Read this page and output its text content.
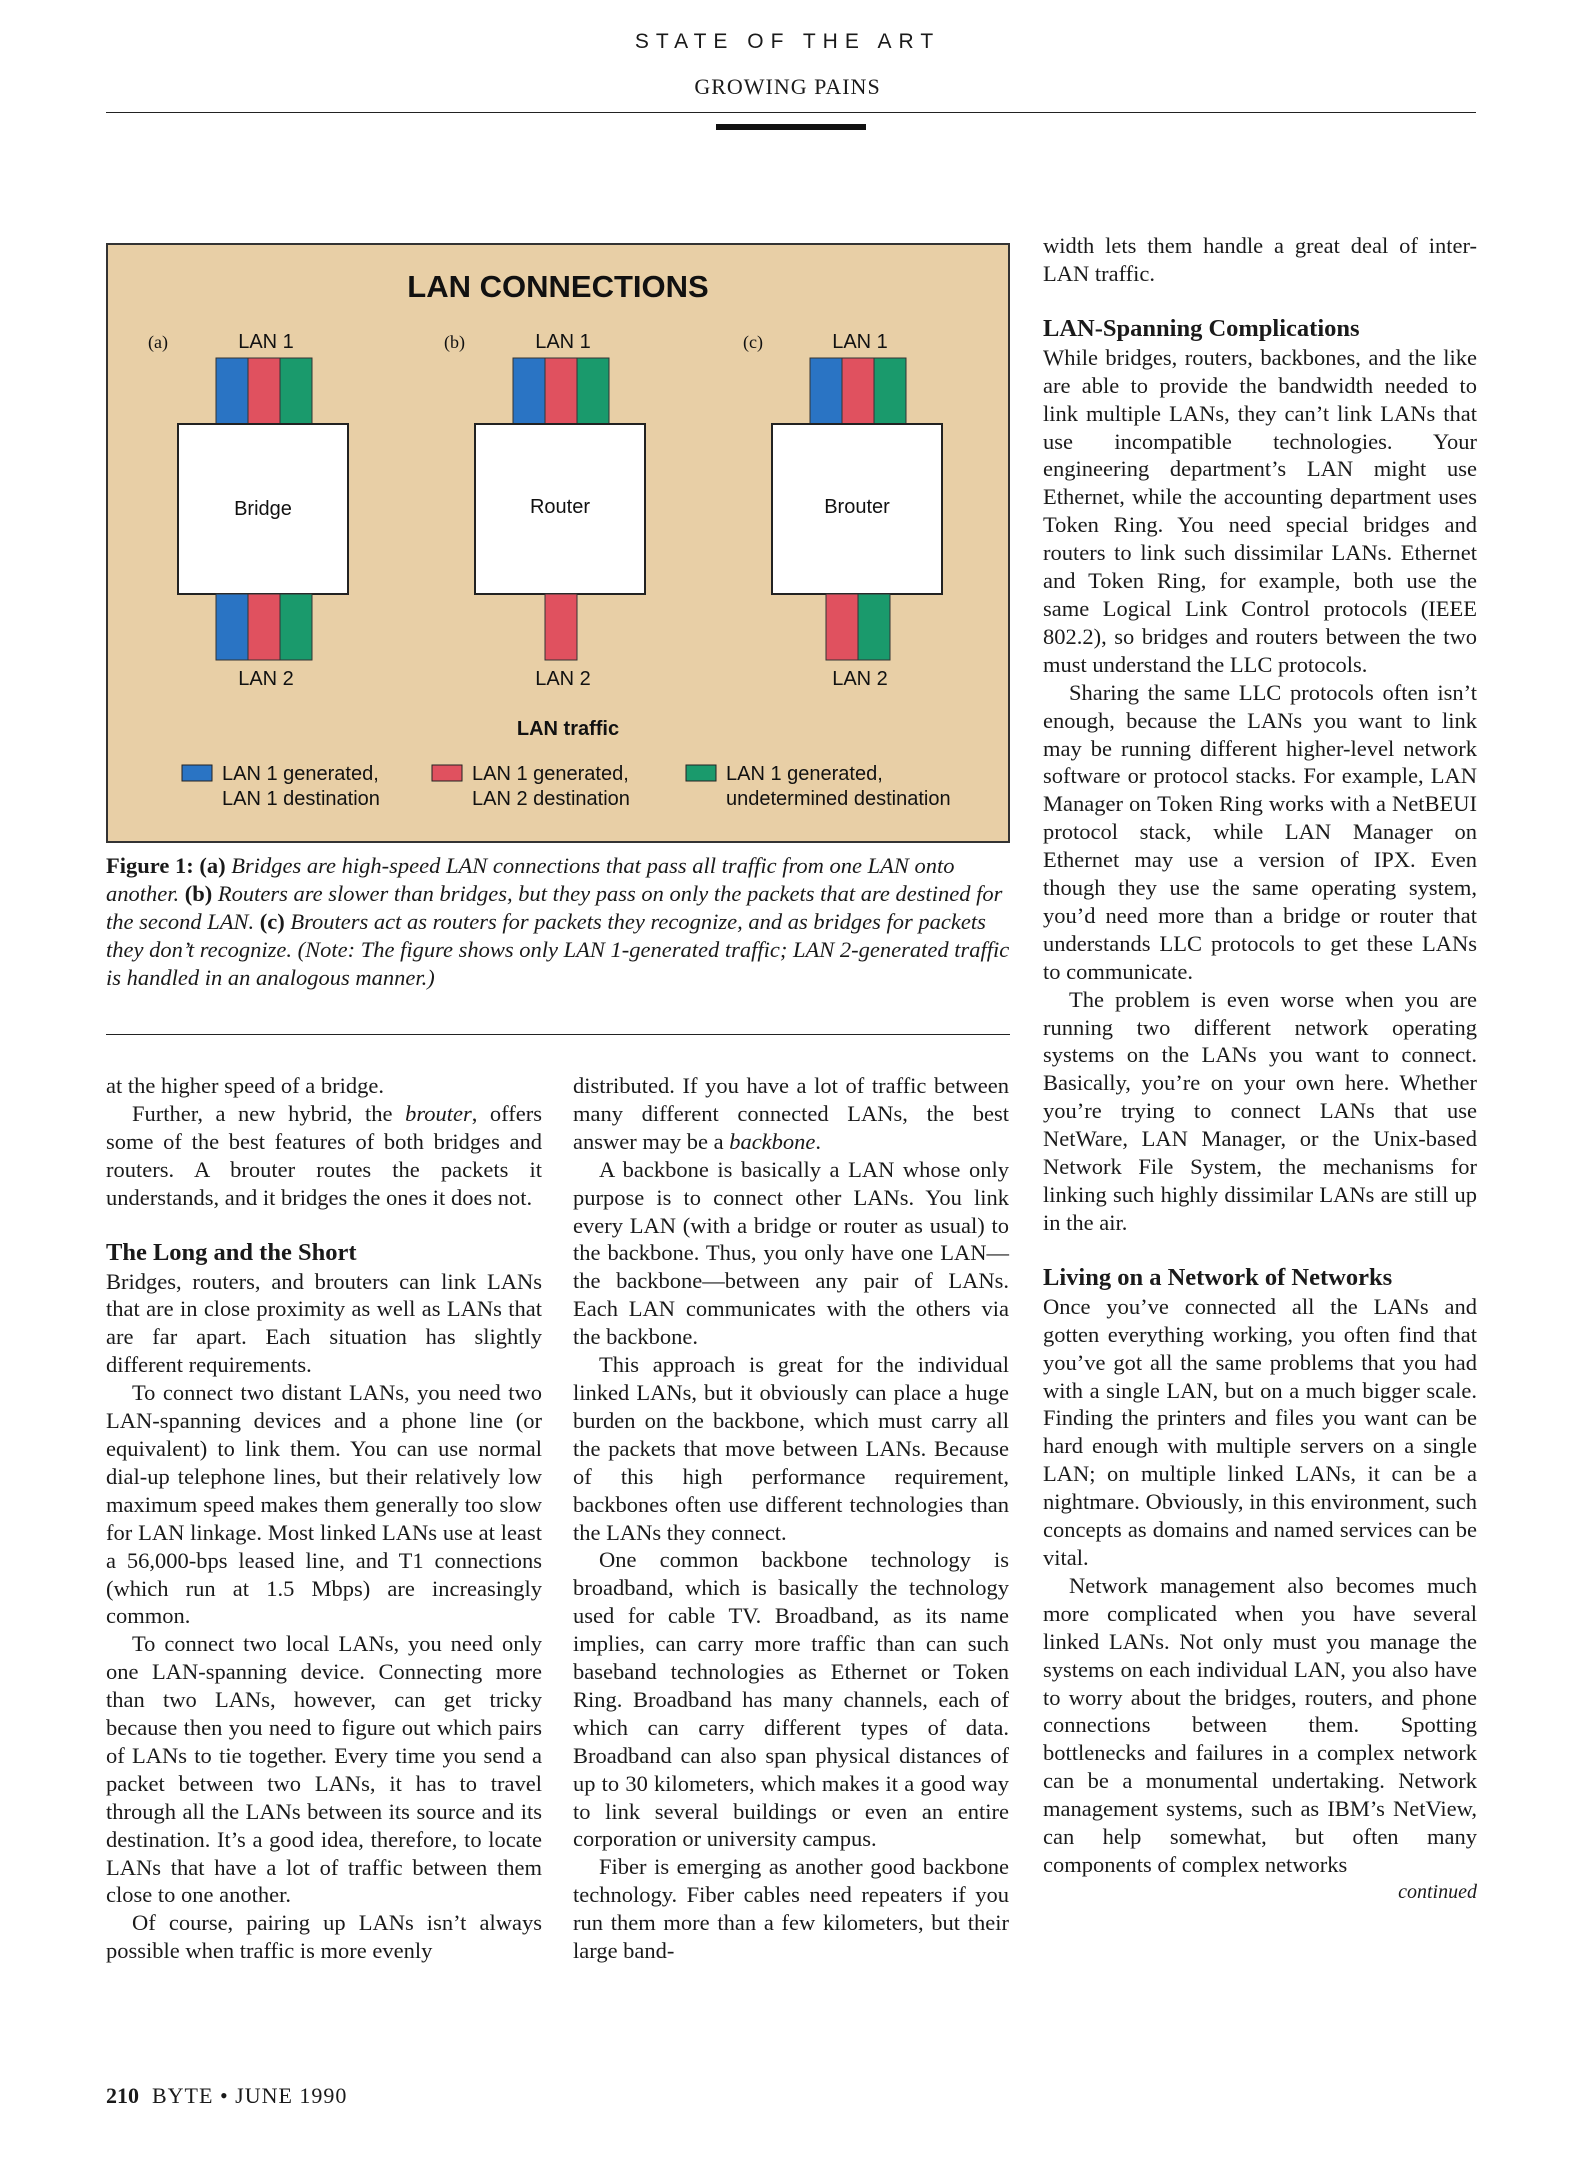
STATE OF THE ART
GROWING PAINS
LAN CONNECTIONS
(a)	LAN 1
Bridge
LAN 2
(b)	LAN 1
Router
LAN 2
(c)	LAN 1
Brouter
LAN 2
LAN traffic
LAN 1 generated,
LAN 1 destination
LAN 1 generated,
LAN 2 destination
LAN 1 generated,
undetermined destination
Figure 1: (a) Bridges are high-speed LAN connections that pass all traffic from one LAN onto another. (b) Routers are slower than bridges, but they pass on only the packets that are destined for the second LAN. (c) Brouters act as routers for packets they recognize, and as bridges for packets they don’t recognize. (Note: The figure shows only LAN 1-generated traffic; LAN 2-generated traffic is handled in an analogous manner.)

at the higher speed of a bridge.

Further, a new hybrid, the brouter, offers some of the best features of both bridges and routers. A brouter routes the packets it understands, and it bridges the ones it does not.

The Long and the Short

Bridges, routers, and brouters can link LANs that are in close proximity as well as LANs that are far apart. Each situation has slightly different requirements.

To connect two distant LANs, you need two LAN-spanning devices and a phone line (or equivalent) to link them. You can use normal dial-up telephone lines, but their relatively low maximum speed makes them generally too slow for LAN linkage. Most linked LANs use at least a 56,000-bps leased line, and T1 connections (which run at 1.5 Mbps) are increasingly common.

To connect two local LANs, you need only one LAN-spanning device. Connecting more than two LANs, however, can get tricky because then you need to figure out which pairs of LANs to tie together. Every time you send a packet between two LANs, it has to travel through all the LANs between its source and its destination. It’s a good idea, therefore, to locate LANs that have a lot of traffic between them close to one another.

Of course, pairing up LANs isn’t always possible when traffic is more evenly

distributed. If you have a lot of traffic between many different connected LANs, the best answer may be a backbone.

A backbone is basically a LAN whose only purpose is to connect other LANs. You link every LAN (with a bridge or router as usual) to the backbone. Thus, you only have one LAN—the backbone—between any pair of LANs. Each LAN communicates with the others via the backbone.

This approach is great for the individual linked LANs, but it obviously can place a huge burden on the backbone, which must carry all the packets that move between LANs. Because of this high performance requirement, backbones often use different technologies than the LANs they connect.

One common backbone technology is broadband, which is basically the technology used for cable TV. Broadband, as its name implies, can carry more traffic than can such baseband technologies as Ethernet or Token Ring. Broadband has many channels, each of which can carry different types of data. Broadband can also span physical distances of up to 30 kilometers, which makes it a good way to link several buildings or even an entire corporation or university campus.

Fiber is emerging as another good backbone technology. Fiber cables need repeaters if you run them more than a few kilometers, but their large band-

width lets them handle a great deal of inter-LAN traffic.

LAN-Spanning Complications

While bridges, routers, backbones, and the like are able to provide the bandwidth needed to link multiple LANs, they can’t link LANs that use incompatible technologies. Your engineering department’s LAN might use Ethernet, while the accounting department uses Token Ring. You need special bridges and routers to link such dissimilar LANs. Ethernet and Token Ring, for example, both use the same Logical Link Control protocols (IEEE 802.2), so bridges and routers between the two must understand the LLC protocols.

Sharing the same LLC protocols often isn’t enough, because the LANs you want to link may be running different higher-level network software or protocol stacks. For example, LAN Manager on Token Ring works with a NetBEUI protocol stack, while LAN Manager on Ethernet may use a version of IPX. Even though they use the same operating system, you’d need more than a bridge or router that understands LLC protocols to get these LANs to communicate.

The problem is even worse when you are running two different network operating systems on the LANs you want to connect. Basically, you’re on your own here. Whether you’re trying to connect LANs that use NetWare, LAN Manager, or the Unix-based Network File System, the mechanisms for linking such highly dissimilar LANs are still up in the air.

Living on a Network of Networks

Once you’ve connected all the LANs and gotten everything working, you often find that you’ve got all the same problems that you had with a single LAN, but on a much bigger scale. Finding the printers and files you want can be hard enough with multiple servers on a single LAN; on multiple linked LANs, it can be a nightmare. Obviously, in this environment, such concepts as domains and named services can be vital.

Network management also becomes much more complicated when you have several linked LANs. Not only must you manage the systems on each individual LAN, you also have to worry about the bridges, routers, and phone connections between them. Spotting bottlenecks and failures in a complex network can be a monumental undertaking. Network management systems, such as IBM’s NetView, can help somewhat, but often many components of complex networks

continued
210 BYTE • JUNE 1990
